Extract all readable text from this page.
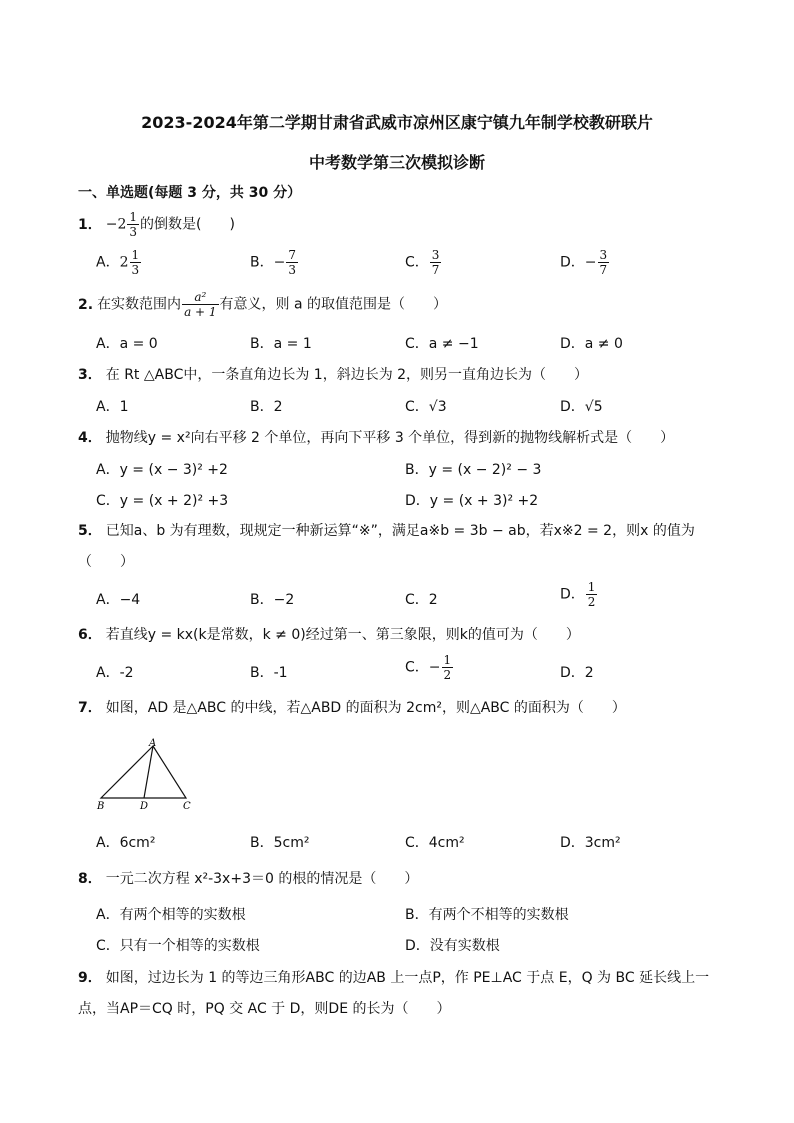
2023-2024年第二学期甘肃省武威市凉州区康宁镇九年制学校教研联片
中考数学第三次模拟诊断
一、单选题(每题 3 分，共 30 分）
1． $-2 \frac{1}{3}$ 的倒数是(　　)
A．$2 \frac{1}{3}$	B．− $\frac{7}{3}$	C． $\frac{3}{7}$	D．− $\frac{3}{7}$
2. 在实数范围内 $\frac{\text{a²}}{a + 1}$ 有意义，则 a 的取值范围是（　　）
A．a = 0	B．a = 1	C．a ≠ −1	D．a ≠ 0
3． 在 Rt △ABC中，一条直角边长为 1，斜边长为 2，则另一直角边长为（　　）
A．1	B．2	C．√3	D．√5
4． 抛物线y = x²向右平移 2 个单位，再向下平移 3 个单位，得到新的抛物线解析式是（　　）
A．y = (x − 3)² +2	B．y = (x − 2)² − 3
C．y = (x + 2)² +3	D．y = (x + 3)² +2
5． 已知a、b 为有理数，现规定一种新运算“※”，满足a※b = 3b − ab，若x※2 = 2，则x 的值为
（　　）
A．−4	B．−2	C．2	D． $\frac{1}{2}$
6． 若直线y = kx(k是常数，k ≠ 0)经过第一、第三象限，则k的值可为（　　）
A．-2	B．-1	C．− $\frac{1}{2}$	D．2
7． 如图，AD 是△ABC 的中线，若△ABD 的面积为 2cm²，则△ABC 的面积为（　　）
A
B	D	C
A．6cm²	B．5cm²	C．4cm²	D．3cm²
8． 一元二次方程 x²-3x+3＝0 的根的情况是（　　）
A．有两个相等的实数根	B．有两个不相等的实数根
C．只有一个相等的实数根	D．没有实数根
9． 如图，过边长为 1 的等边三角形ABC 的边AB 上一点P，作 PE⊥AC 于点 E，Q 为 BC 延长线上一
点，当AP＝CQ 时，PQ 交 AC 于 D，则DE 的长为（　　）
